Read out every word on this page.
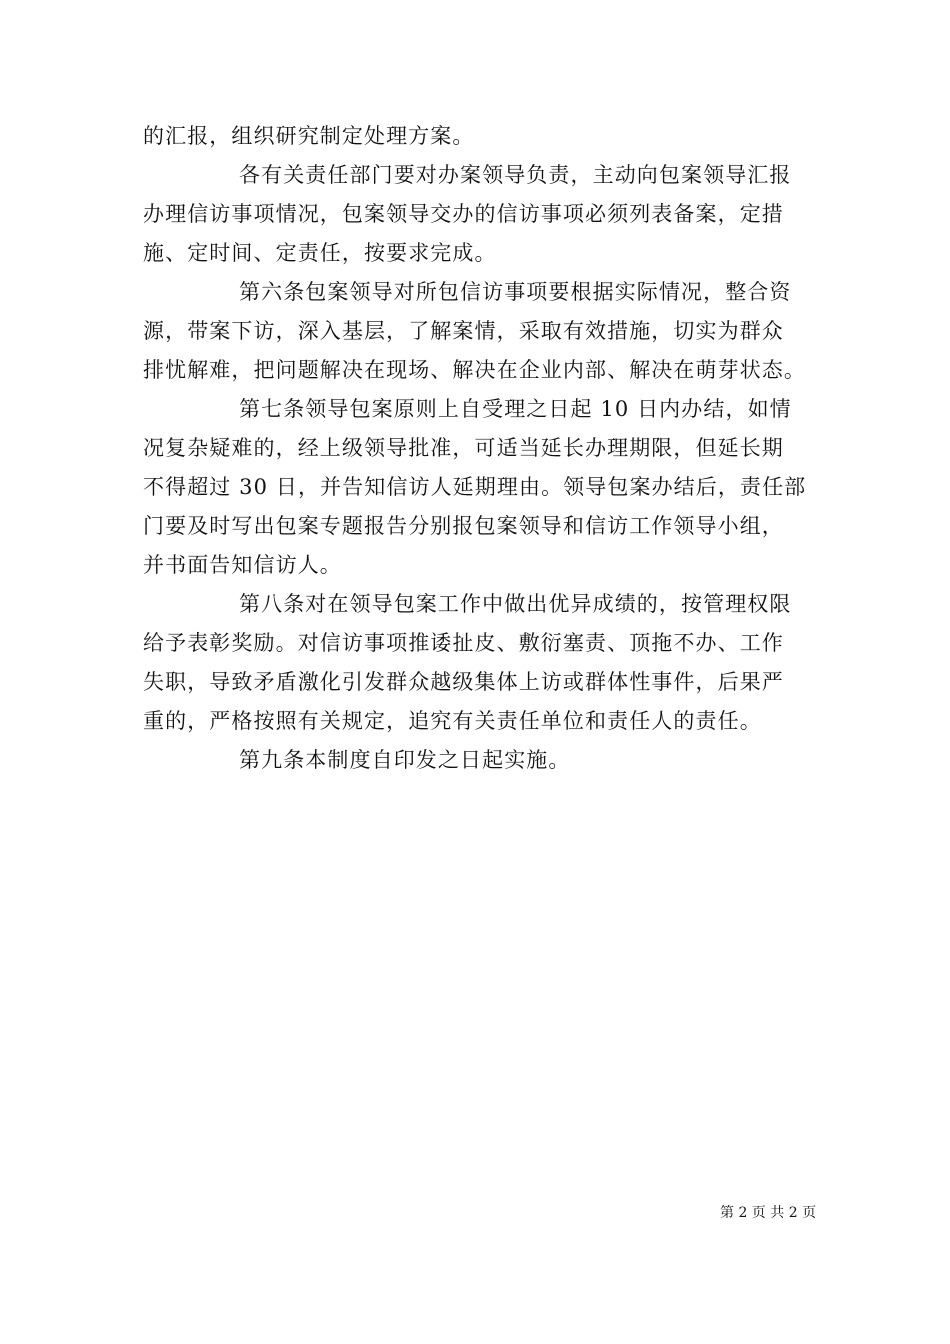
的汇报，组织研究制定处理方案。
各有关责任部门要对办案领导负责，主动向包案领导汇报
办理信访事项情况，包案领导交办的信访事项必须列表备案，定措
施、定时间、定责任，按要求完成。
第六条包案领导对所包信访事项要根据实际情况，整合资
源，带案下访，深入基层，了解案情，采取有效措施，切实为群众
排忧解难，把问题解决在现场、解决在企业内部、解决在萌芽状态。
第七条领导包案原则上自受理之日起 10 日内办结，如情
况复杂疑难的，经上级领导批准，可适当延长办理期限，但延长期
不得超过 30 日，并告知信访人延期理由。领导包案办结后，责任部
门要及时写出包案专题报告分别报包案领导和信访工作领导小组，
并书面告知信访人。
第八条对在领导包案工作中做出优异成绩的，按管理权限
给予表彰奖励。对信访事项推诿扯皮、敷衍塞责、顶拖不办、工作
失职，导致矛盾激化引发群众越级集体上访或群体性事件，后果严
重的，严格按照有关规定，追究有关责任单位和责任人的责任。
第九条本制度自印发之日起实施。
第 2 页 共 2 页
